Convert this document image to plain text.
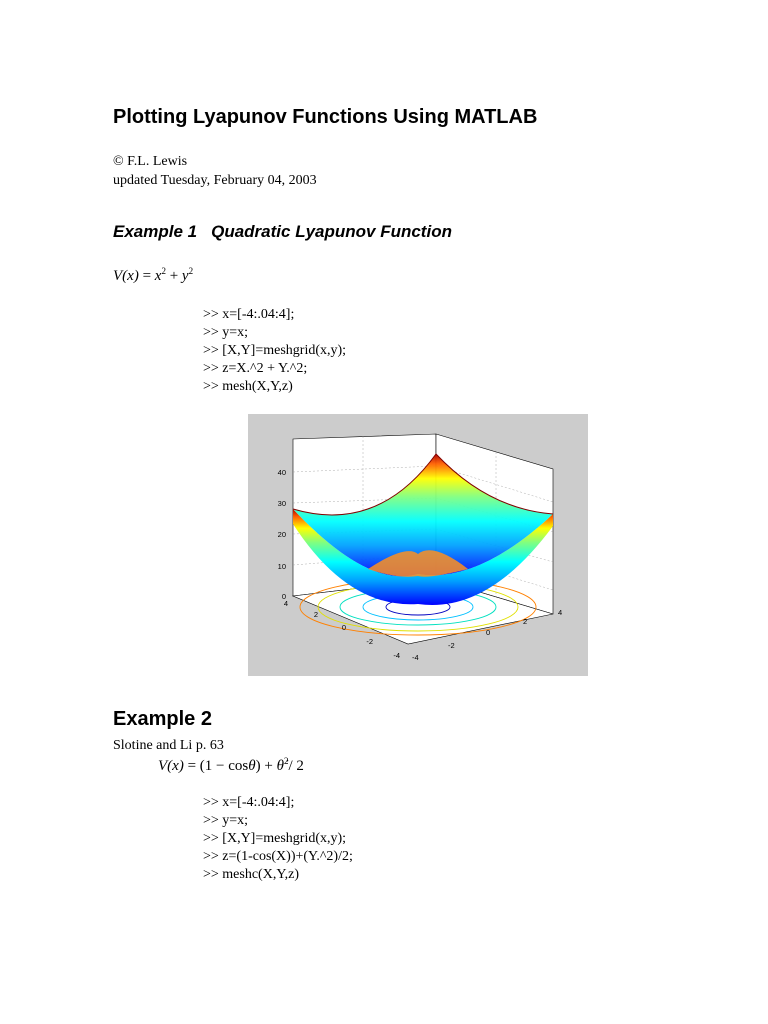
Plotting Lyapunov Functions Using MATLAB
© F.L. Lewis
updated Tuesday, February 04, 2003
Example 1 Quadratic Lyapunov Function
$V(x) = x^2 + y^2$
>> x=[-4:.04:4];
>> y=x;
>> [X,Y]=meshgrid(x,y);
>> z=X.^2 + Y.^2;
>> mesh(X,Y,z)
0
10
20
30
40
4
2
0
-2
-4 -4
-2
0
2
4
Example 2
Slotine and Li p. 63
V(x) = (1 − cosθ) + θ̇$^2$/ 2
>> x=[-4:.04:4];
>> y=x;
>> [X,Y]=meshgrid(x,y);
>> z=(1-cos(X))+(Y.^2)/2;
>> meshc(X,Y,z)
